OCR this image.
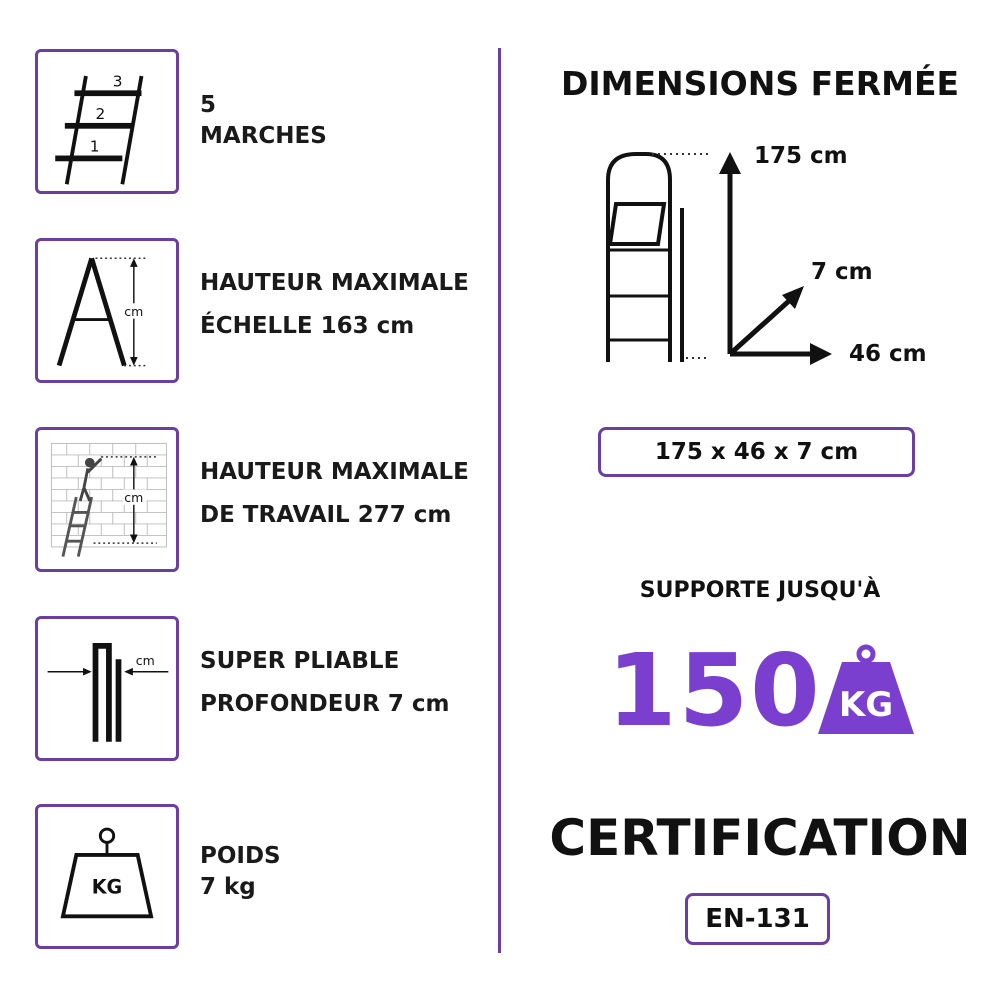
3
2
1
5
MARCHES
cm
HAUTEUR MAXIMALE
ÉCHELLE 163 cm
cm
HAUTEUR MAXIMALE
DE TRAVAIL 277 cm
cm SUPER PLIABLE
PROFONDEUR 7 cm
KG
POIDS
7 kg
DIMENSIONS FERMÉE
175 cm
7 cm
46 cm
175 x 46 x 7 cm
SUPPORTE JUSQU'À
150 KG
CERTIFICATION
EN-131
